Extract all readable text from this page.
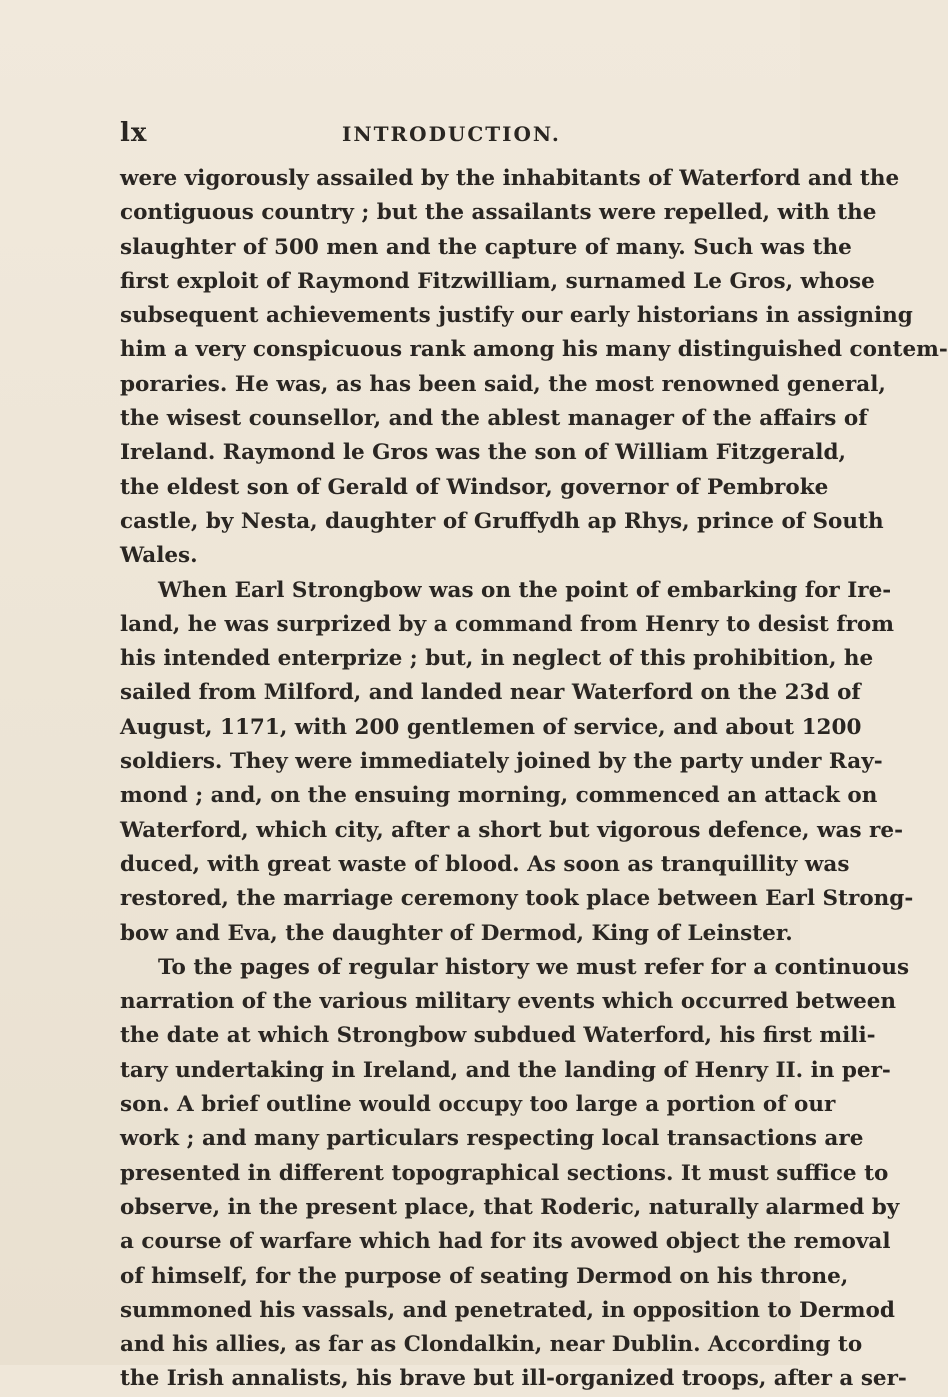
lx	INTRODUCTION.
were vigorously assailed by the inhabitants of Waterford and the
contiguous country ; but the assailants were repelled, with the
slaughter of 500 men and the capture of many. Such was the
first exploit of Raymond Fitzwilliam, surnamed Le Gros, whose
subsequent achievements justify our early historians in assigning
him a very conspicuous rank among his many distinguished contem-
poraries. He was, as has been said, the most renowned general,
the wisest counsellor, and the ablest manager of the affairs of
Ireland. Raymond le Gros was the son of William Fitzgerald,
the eldest son of Gerald of Windsor, governor of Pembroke
castle, by Nesta, daughter of Gruffydh ap Rhys, prince of South
Wales.
When Earl Strongbow was on the point of embarking for Ire-
land, he was surprized by a command from Henry to desist from
his intended enterprize ; but, in neglect of this prohibition, he
sailed from Milford, and landed near Waterford on the 23d of
August, 1171, with 200 gentlemen of service, and about 1200
soldiers. They were immediately joined by the party under Ray-
mond ; and, on the ensuing morning, commenced an attack on
Waterford, which city, after a short but vigorous defence, was re-
duced, with great waste of blood. As soon as tranquillity was
restored, the marriage ceremony took place between Earl Strong-
bow and Eva, the daughter of Dermod, King of Leinster.
To the pages of regular history we must refer for a continuous
narration of the various military events which occurred between
the date at which Strongbow subdued Waterford, his first mili-
tary undertaking in Ireland, and the landing of Henry II. in per-
son. A brief outline would occupy too large a portion of our
work ; and many particulars respecting local transactions are
presented in different topographical sections. It must suffice to
observe, in the present place, that Roderic, naturally alarmed by
a course of warfare which had for its avowed object the removal
of himself, for the purpose of seating Dermod on his throne,
summoned his vassals, and penetrated, in opposition to Dermod
and his allies, as far as Clondalkin, near Dublin. According to
the Irish annalists, his brave but ill-organized troops, after a ser-
